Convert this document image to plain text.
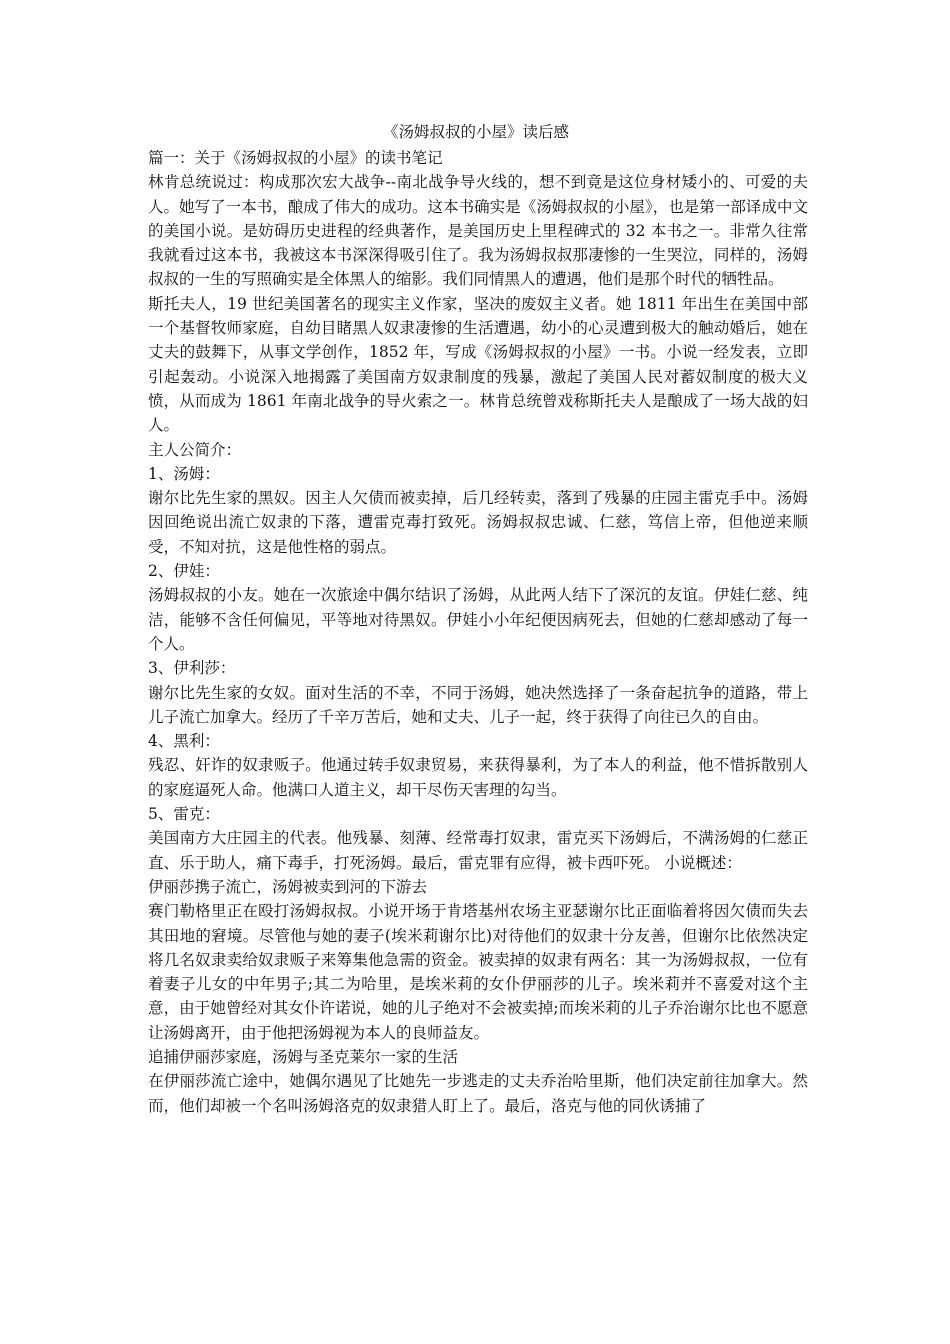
《汤姆叔叔的小屋》读后感

篇一：关于《汤姆叔叔的小屋》的读书笔记

林肯总统说过：构成那次宏大战争--南北战争导火线的，想不到竟是这位身材矮小的、可爱的夫人。她写了一本书，酿成了伟大的成功。这本书确实是《汤姆叔叔的小屋》，也是第一部译成中文的美国小说。是妨碍历史进程的经典著作，是美国历史上里程碑式的 32 本书之一。非常久往常我就看过这本书，我被这本书深深得吸引住了。我为汤姆叔叔那凄惨的一生哭泣，同样的，汤姆叔叔的一生的写照确实是全体黑人的缩影。我们同情黑人的遭遇，他们是那个时代的牺牲品。

斯托夫人，19 世纪美国著名的现实主义作家，坚决的废奴主义者。她 1811 年出生在美国中部一个基督牧师家庭，自幼目睹黑人奴隶凄惨的生活遭遇，幼小的心灵遭到极大的触动婚后，她在丈夫的鼓舞下，从事文学创作，1852 年，写成《汤姆叔叔的小屋》一书。小说一经发表，立即引起轰动。小说深入地揭露了美国南方奴隶制度的残暴，激起了美国人民对蓄奴制度的极大义愤，从而成为 1861 年南北战争的导火索之一。林肯总统曾戏称斯托夫人是酿成了一场大战的妇人。

主人公简介：

1、汤姆：

谢尔比先生家的黑奴。因主人欠债而被卖掉，后几经转卖，落到了残暴的庄园主雷克手中。汤姆因回绝说出流亡奴隶的下落，遭雷克毒打致死。汤姆叔叔忠诚、仁慈，笃信上帝，但他逆来顺受，不知对抗，这是他性格的弱点。

2、伊娃：

汤姆叔叔的小友。她在一次旅途中偶尔结识了汤姆，从此两人结下了深沉的友谊。伊娃仁慈、纯洁，能够不含任何偏见，平等地对待黑奴。伊娃小小年纪便因病死去，但她的仁慈却感动了每一个人。

3、伊利莎：

谢尔比先生家的女奴。面对生活的不幸，不同于汤姆，她决然选择了一条奋起抗争的道路，带上儿子流亡加拿大。经历了千辛万苦后，她和丈夫、儿子一起，终于获得了向往已久的自由。

4、黑利：

残忍、奸诈的奴隶贩子。他通过转手奴隶贸易，来获得暴利，为了本人的利益，他不惜拆散别人的家庭逼死人命。他满口人道主义，却干尽伤天害理的勾当。

5、雷克：

美国南方大庄园主的代表。他残暴、刻薄、经常毒打奴隶，雷克买下汤姆后，不满汤姆的仁慈正直、乐于助人，痛下毒手，打死汤姆。最后，雷克罪有应得，被卡西吓死。 小说概述：

伊丽莎携子流亡，汤姆被卖到河的下游去

赛门勒格里正在殴打汤姆叔叔。小说开场于肯塔基州农场主亚瑟谢尔比正面临着将因欠债而失去其田地的窘境。尽管他与她的妻子(埃米莉谢尔比)对待他们的奴隶十分友善，但谢尔比依然决定将几名奴隶卖给奴隶贩子来筹集他急需的资金。被卖掉的奴隶有两名：其一为汤姆叔叔，一位有着妻子儿女的中年男子;其二为哈里，是埃米莉的女仆伊丽莎的儿子。埃米莉并不喜爱对这个主意，由于她曾经对其女仆许诺说，她的儿子绝对不会被卖掉;而埃米莉的儿子乔治谢尔比也不愿意让汤姆离开，由于他把汤姆视为本人的良师益友。

追捕伊丽莎家庭，汤姆与圣克莱尔一家的生活

在伊丽莎流亡途中，她偶尔遇见了比她先一步逃走的丈夫乔治哈里斯，他们决定前往加拿大。然而，他们却被一个名叫汤姆洛克的奴隶猎人盯上了。最后，洛克与他的同伙诱捕了
